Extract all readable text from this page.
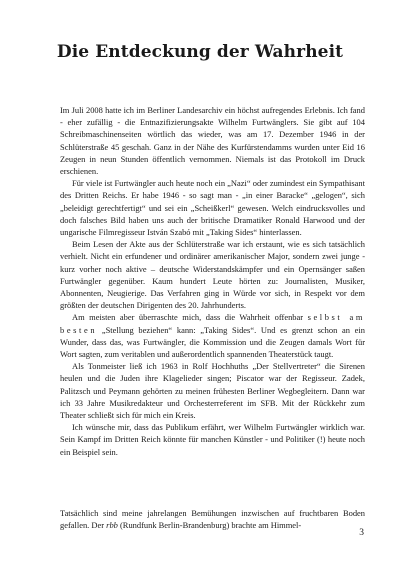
Die Entdeckung der Wahrheit

Im Juli 2008 hatte ich im Berliner Landesarchiv ein höchst aufregendes Erlebnis. Ich fand - eher zufällig - die Entnazifizierungsakte Wilhelm Furtwänglers. Sie gibt auf 104 Schreibmaschinenseiten wörtlich das wieder, was am 17. Dezember 1946 in der Schlüterstraße 45 geschah. Ganz in der Nähe des Kurfürstendamms wurden unter Eid 16 Zeugen in neun Stunden öffentlich vernommen. Niemals ist das Protokoll im Druck erschienen.

Für viele ist Furtwängler auch heute noch ein „Nazi“ oder zumindest ein Sympathisant des Dritten Reichs. Er habe 1946 - so sagt man - „in einer Baracke“ „gelogen“, sich „beleidigt gerechtfertigt“ und sei ein „Scheißkerl“ gewesen. Welch eindrucksvolles und doch falsches Bild haben uns auch der britische Dramatiker Ronald Harwood und der ungarische Filmregisseur István Szabó mit „Taking Sides“ hinterlassen.

Beim Lesen der Akte aus der Schlüterstraße war ich erstaunt, wie es sich tatsächlich verhielt. Nicht ein erfundener und ordinärer amerikanischer Major, sondern zwei junge - kurz vorher noch aktive – deutsche Widerstandskämpfer und ein Opernsänger saßen Furtwängler gegenüber. Kaum hundert Leute hörten zu: Journalisten, Musiker, Abonnenten, Neugierige. Das Verfahren ging in Würde vor sich, in Respekt vor dem größten der deutschen Dirigenten des 20. Jahrhunderts.

Am meisten aber überraschte mich, dass die Wahrheit offenbar selbst am besten „Stellung beziehen“ kann: „Taking Sides“. Und es grenzt schon an ein Wunder, dass das, was Furtwängler, die Kommission und die Zeugen damals Wort für Wort sagten, zum veritablen und außerordentlich spannenden Theaterstück taugt.

Als Tonmeister ließ ich 1963 in Rolf Hochhuths „Der Stellvertreter“ die Sirenen heulen und die Juden ihre Klagelieder singen; Piscator war der Regisseur. Zadek, Palitzsch und Peymann gehörten zu meinen frühesten Berliner Wegbegleitern. Dann war ich 33 Jahre Musikredakteur und Orchesterreferent im SFB. Mit der Rückkehr zum Theater schließt sich für mich ein Kreis.

Ich wünsche mir, dass das Publikum erfährt, wer Wilhelm Furtwängler wirklich war. Sein Kampf im Dritten Reich könnte für manchen Künstler - und Politiker (!) heute noch ein Beispiel sein.

Tatsächlich sind meine jahrelangen Bemühungen inzwischen auf fruchtbaren Boden gefallen. Der rbb (Rundfunk Berlin-Brandenburg) brachte am Himmel-

3
